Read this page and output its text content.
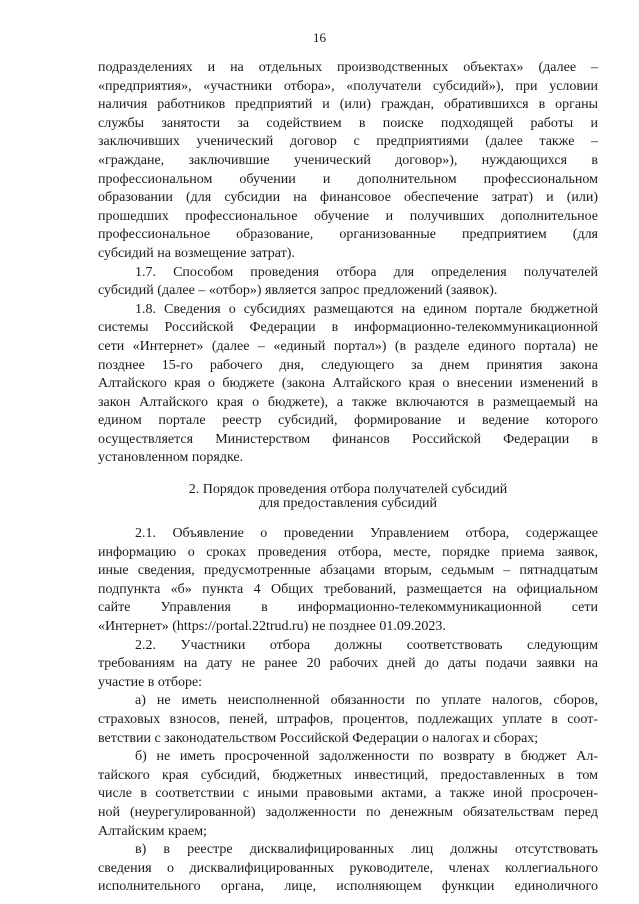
16
подразделениях и на отдельных производственных объектах» (далее –
«предприятия», «участники отбора», «получатели субсидий»), при условии
наличия работников предприятий и (или) граждан, обратившихся в органы
службы занятости за содействием в поиске подходящей работы и
заключивших ученический договор с предприятиями (далее также –
«граждане, заключившие ученический договор»), нуждающихся в
профессиональном обучении и дополнительном профессиональном
образовании (для субсидии на финансовое обеспечение затрат) и (или)
прошедших профессиональное обучение и получивших дополнительное
профессиональное образование, организованные предприятием (для
субсидий на возмещение затрат).
1.7. Способом проведения отбора для определения получателей
субсидий (далее – «отбор») является запрос предложений (заявок).
1.8. Сведения о субсидиях размещаются на едином портале бюджетной
системы Российской Федерации в информационно-телекоммуникационной
сети «Интернет» (далее – «единый портал») (в разделе единого портала) не
позднее 15-го рабочего дня, следующего за днем принятия закона
Алтайского края о бюджете (закона Алтайского края о внесении изменений в
закон Алтайского края о бюджете), а также включаются в размещаемый на
едином портале реестр субсидий, формирование и ведение которого
осуществляется Министерством финансов Российской Федерации в
установленном порядке.
2. Порядок проведения отбора получателей субсидий
для предоставления субсидий
2.1. Объявление о проведении Управлением отбора, содержащее
информацию о сроках проведения отбора, месте, порядке приема заявок,
иные сведения, предусмотренные абзацами вторым, седьмым – пятнадцатым
подпункта «б» пункта 4 Общих требований, размещается на официальном
сайте Управления в информационно-телекоммуникационной сети
«Интернет» (https://portal.22trud.ru) не позднее 01.09.2023.
2.2. Участники отбора должны соответствовать следующим
требованиям на дату не ранее 20 рабочих дней до даты подачи заявки на
участие в отборе:
а) не иметь неисполненной обязанности по уплате налогов, сборов,
страховых взносов, пеней, штрафов, процентов, подлежащих уплате в соот-
ветствии с законодательством Российской Федерации о налогах и сборах;
б) не иметь просроченной задолженности по возврату в бюджет Ал-
тайского края субсидий, бюджетных инвестиций, предоставленных в том
числе в соответствии с иными правовыми актами, а также иной просрочен-
ной (неурегулированной) задолженности по денежным обязательствам перед
Алтайским краем;
в) в реестре дисквалифицированных лиц должны отсутствовать
сведения о дисквалифицированных руководителе, членах коллегиального
исполнительного органа, лице, исполняющем функции единоличного
